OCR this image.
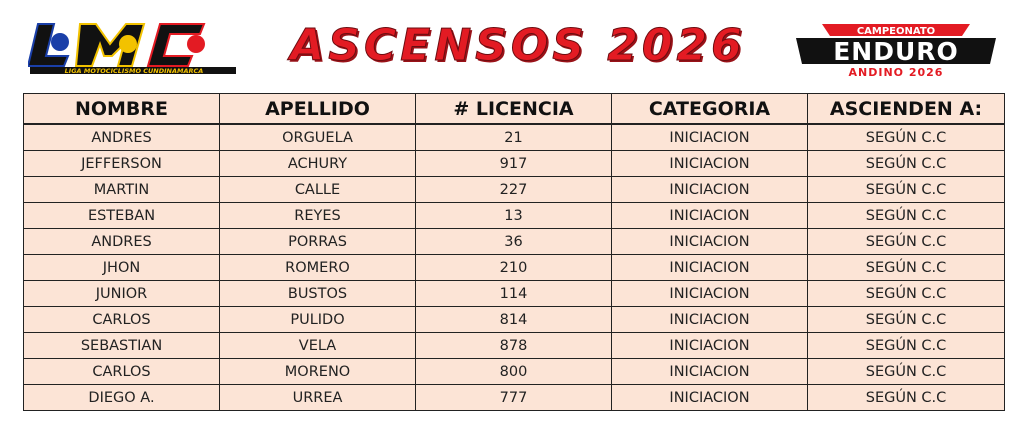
LIGA MOTOCICLISMO CUNDINAMARCA	ASCENSOS 2026	CAMPEONATO
ENDURO
ANDINO 2026
NOMBRE	APELLIDO	# LICENCIA	CATEGORIA	ASCIENDEN A:
ANDRES	ORGUELA	21	INICIACION	SEGÚN C.C
JEFFERSON	ACHURY	917	INICIACION	SEGÚN C.C
MARTIN	CALLE	227	INICIACION	SEGÚN C.C
ESTEBAN	REYES	13	INICIACION	SEGÚN C.C
ANDRES	PORRAS	36	INICIACION	SEGÚN C.C
JHON	ROMERO	210	INICIACION	SEGÚN C.C
JUNIOR	BUSTOS	114	INICIACION	SEGÚN C.C
CARLOS	PULIDO	814	INICIACION	SEGÚN C.C
SEBASTIAN	VELA	878	INICIACION	SEGÚN C.C
CARLOS	MORENO	800	INICIACION	SEGÚN C.C
DIEGO A.	URREA	777	INICIACION	SEGÚN C.C
